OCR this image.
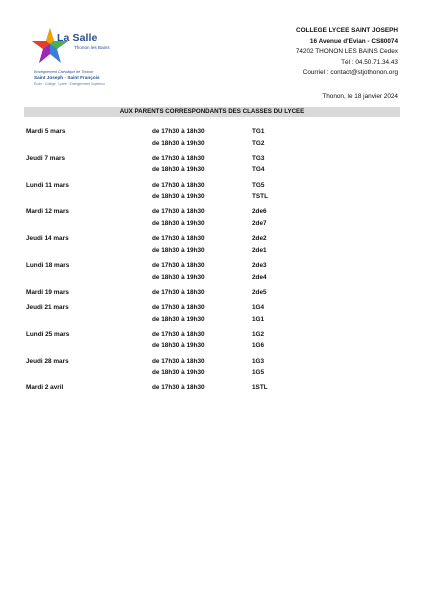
La Salle
Thonon les Bains
Enseignement Catholique de Thonon
Saint Joseph · Saint François
École · Collège · Lycée · Enseignement Supérieur
COLLEGE LYCEE SAINT JOSEPH
16 Avenue d'Evian - CS80074
74202 THONON LES BAINS Cedex
Tél : 04.50.71.34.43
Courriel : contact@stjothonon.org
Thonon, le 18 janvier 2024
AUX PARENTS CORRESPONDANTS DES CLASSES DU LYCEE
Mardi 5 mars	de 17h30 à 18h30	TG1
de 18h30 à 19h30	TG2
Jeudi 7 mars	de 17h30 à 18h30	TG3
de 18h30 à 19h30	TG4
Lundi 11 mars	de 17h30 à 18h30	TG5
de 18h30 à 19h30	TSTL
Mardi 12 mars	de 17h30 à 18h30	2de6
de 18h30 à 19h30	2de7
Jeudi 14 mars	de 17h30 à 18h30	2de2
de 18h30 à 19h30	2de1
Lundi 18 mars	de 17h30 à 18h30	2de3
de 18h30 à 19h30	2de4
Mardi 19 mars	de 17h30 à 18h30	2de5
Jeudi 21 mars	de 17h30 à 18h30	1G4
de 18h30 à 19h30	1G1
Lundi 25 mars	de 17h30 à 18h30	1G2
de 18h30 à 19h30	1G6
Jeudi 28 mars	de 17h30 à 18h30	1G3
de 18h30 à 19h30	1G5
Mardi 2 avril	de 17h30 à 18h30	1STL
